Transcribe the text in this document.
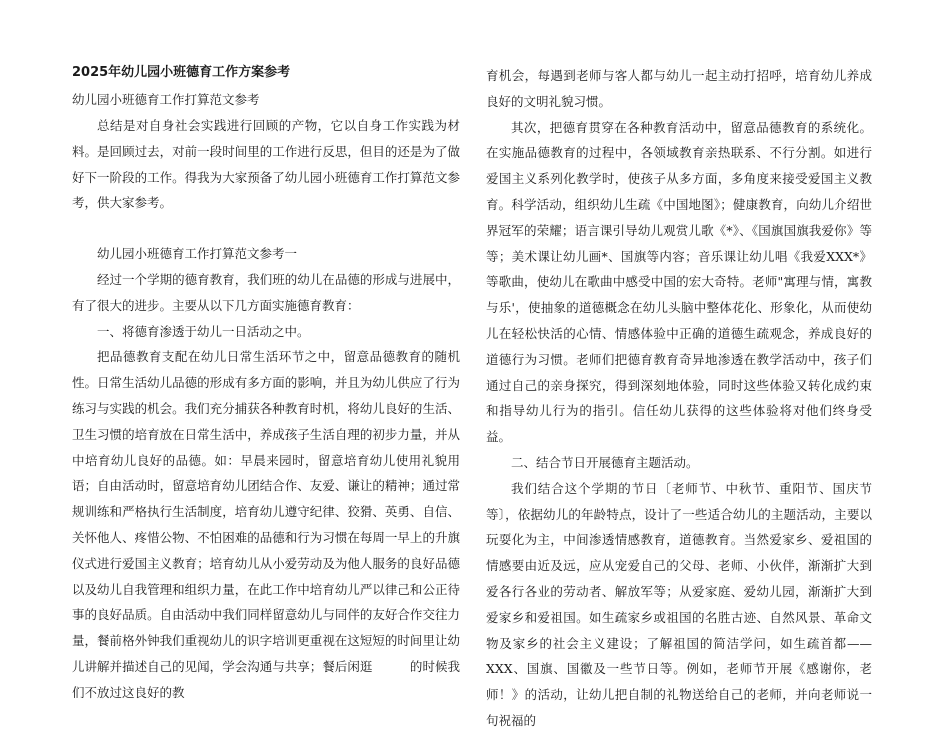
2025年幼儿园小班德育工作方案参考
幼儿园小班德育工作打算范文参考

总结是对自身社会实践进行回顾的产物，它以自身工作实践为材料。是回顾过去，对前一段时间里的工作进行反思，但目的还是为了做好下一阶段的工作。得我为大家预备了幼儿园小班德育工作打算范文参考，供大家参考。

幼儿园小班德育工作打算范文参考一

经过一个学期的德育教育，我们班的幼儿在品德的形成与进展中，有了很大的进步。主要从以下几方面实施德育教育：

一、将德育渗透于幼儿一日活动之中。

把品德教育支配在幼儿日常生活环节之中，留意品德教育的随机性。日常生活幼儿品德的形成有多方面的影响，并且为幼儿供应了行为练习与实践的机会。我们充分捕获各种教育时机，将幼儿良好的生活、卫生习惯的培育放在日常生活中，养成孩子生活自理的初步力量，并从中培育幼儿良好的品德。如：早晨来园时，留意培育幼儿使用礼貌用语；自由活动时，留意培育幼儿团结合作、友爱、谦让的精神；通过常规训练和严格执行生活制度，培育幼儿遵守纪律、狡猾、英勇、自信、关怀他人、疼惜公物、不怕困难的品德和行为习惯在每周一早上的升旗仪式进行爱国主义教育；培育幼儿从小爱劳动及为他人服务的良好品德以及幼儿自我管理和组织力量，在此工作中培育幼儿严以律己和公正待事的良好品质。自由活动中我们同样留意幼儿与同伴的友好合作交往力量，餐前格外钟我们重视幼儿的识字培训更重视在这短短的时间里让幼儿讲解并描述自己的见闻，学会沟通与共享；餐后闲逛　　　的时候我们不放过这良好的教

育机会，每遇到老师与客人都与幼儿一起主动打招呼，培育幼儿养成良好的文明礼貌习惯。

其次，把德育贯穿在各种教育活动中，留意品德教育的系统化。在实施品德教育的过程中，各领域教育亲热联系、不行分割。如进行爱国主义系列化教学时，使孩子从多方面，多角度来接受爱国主义教育。科学活动，组织幼儿生疏《中国地图》；健康教育，向幼儿介绍世界冠军的荣耀；语言课引导幼儿观赏儿歌《*》、《国旗国旗我爱你》等等；美术课让幼儿画*、国旗等内容；音乐课让幼儿唱《我爱XXX*》等歌曲，使幼儿在歌曲中感受中国的宏大奇特。老师"寓理与情，寓教与乐'，使抽象的道德概念在幼儿头脑中整体花化、形象化，从而使幼儿在轻松快活的心情、情感体验中正确的道德生疏观念，养成良好的道德行为习惯。老师们把德育教育奇异地渗透在教学活动中，孩子们通过自己的亲身探究，得到深刻地体验，同时这些体验又转化成约束和指导幼儿行为的指引。信任幼儿获得的这些体验将对他们终身受益。

二、结合节日开展德育主题活动。

我们结合这个学期的节日〔老师节、中秋节、重阳节、国庆节等〕，依据幼儿的年龄特点，设计了一些适合幼儿的主题活动，主要以玩耍化为主，中间渗透情感教育，道德教育。当然爱家乡、爱祖国的情感要由近及远，应从宠爱自己的父母、老师、小伙伴，渐渐扩大到爱各行各业的劳动者、解放军等；从爱家庭、爱幼儿园，渐渐扩大到爱家乡和爱祖国。如生疏家乡或祖国的名胜古迹、自然风景、革命文物及家乡的社会主义建设；了解祖国的简洁学问，如生疏首都——XXX、国旗、国徽及一些节日等。例如，老师节开展《感谢你，老师！》的活动，让幼儿把自制的礼物送给自己的老师，并向老师说一句祝福的
